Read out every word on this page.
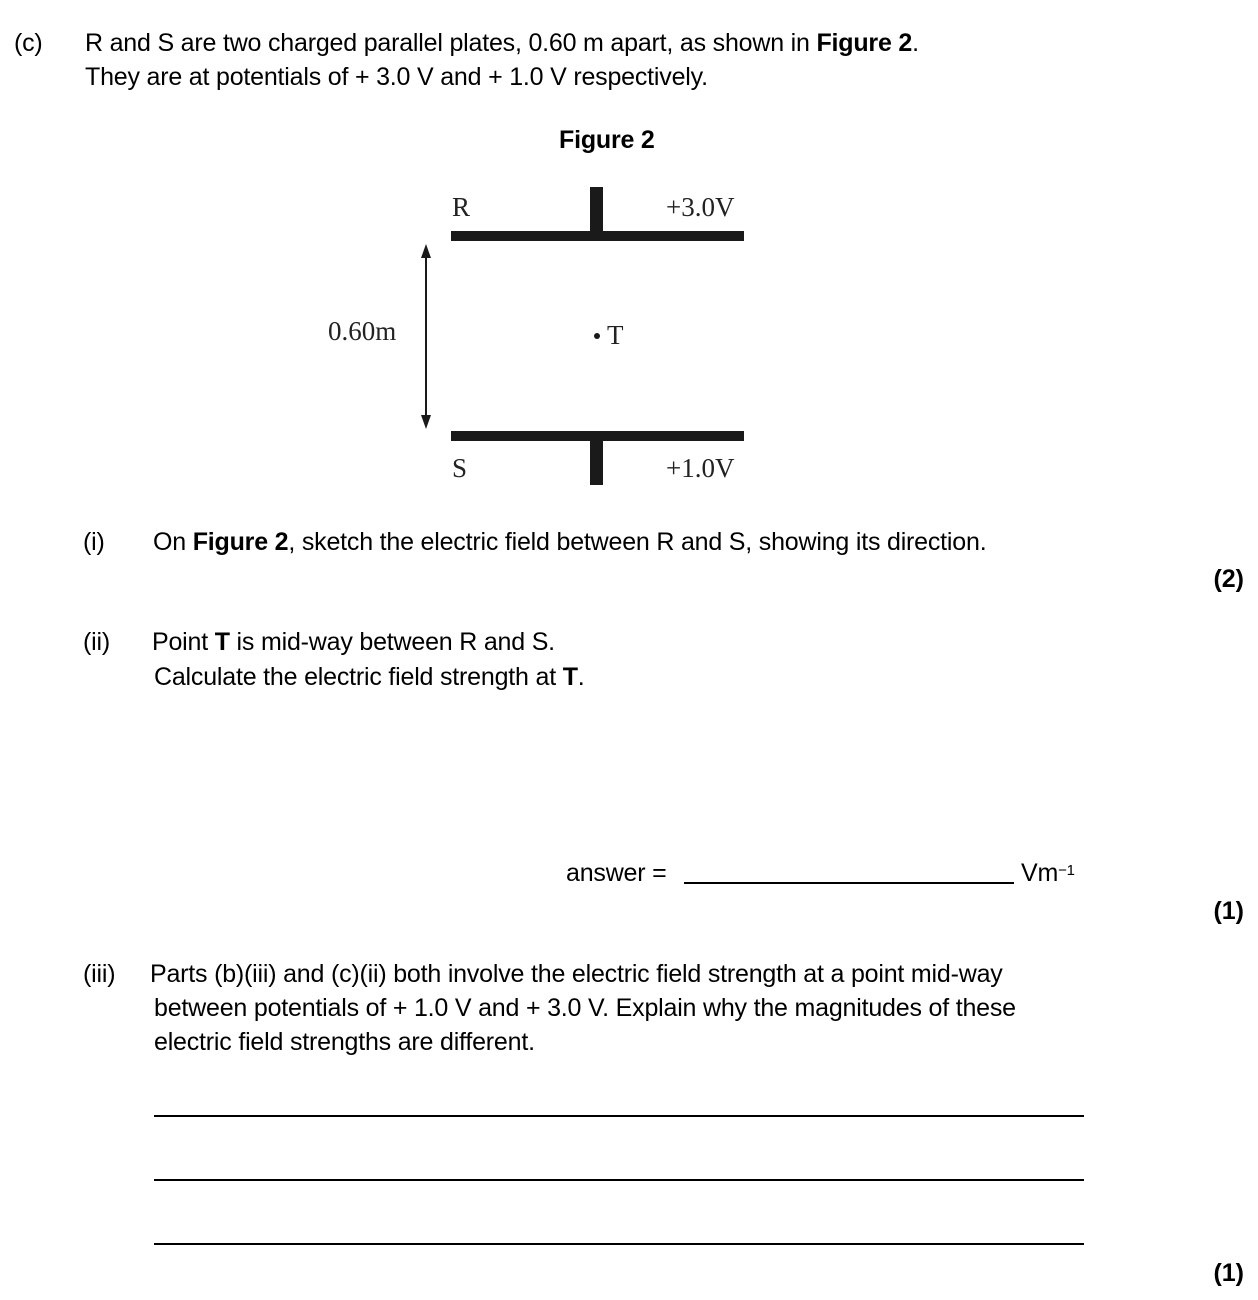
(c) R and S are two charged parallel plates, 0.60 m apart, as shown in Figure 2.
They are at potentials of + 3.0 V and + 1.0 V respectively.
Figure 2
R	+3.0V
S	+1.0V
0.60m	T
(i) On Figure 2, sketch the electric field between R and S, showing its direction.
(2)
(ii) Point T is mid-way between R and S.
Calculate the electric field strength at T.
answer =	$Vm^{-1}$
(1)
(iii) Parts (b)(iii) and (c)(ii) both involve the electric field strength at a point mid-way
between potentials of + 1.0 V and + 3.0 V. Explain why the magnitudes of these
electric field strengths are different.
(1)
